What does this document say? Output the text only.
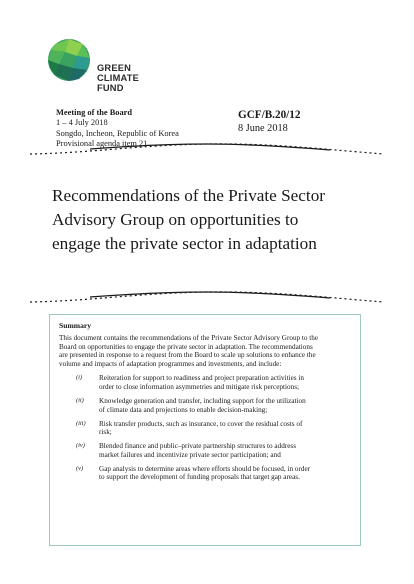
GREEN
CLIMATE
FUND
Meeting of the Board
1 – 4 July 2018
Songdo, Incheon, Republic of Korea
Provisional agenda item 21
GCF/B.20/12
8 June 2018
Recommendations of the Private Sector
Advisory Group on opportunities to
engage the private sector in adaptation
Summary
This document contains the recommendations of the Private Sector Advisory Group to the
Board on opportunities to engage the private sector in adaptation. The recommendations
are presented in response to a request from the Board to scale up solutions to enhance the
volume and impacts of adaptation programmes and investments, and include:
(i) Reiteration for support to readiness and project preparation activities in
order to close information asymmetries and mitigate risk perceptions;
(ii) Knowledge generation and transfer, including support for the utilization
of climate data and projections to enable decision-making;
(iii) Risk transfer products, such as insurance, to cover the residual costs of
risk;
(iv) Blended finance and public–private partnership structures to address
market failures and incentivize private sector participation; and
(v) Gap analysis to determine areas where efforts should be focused, in order
to support the development of funding proposals that target gap areas.
